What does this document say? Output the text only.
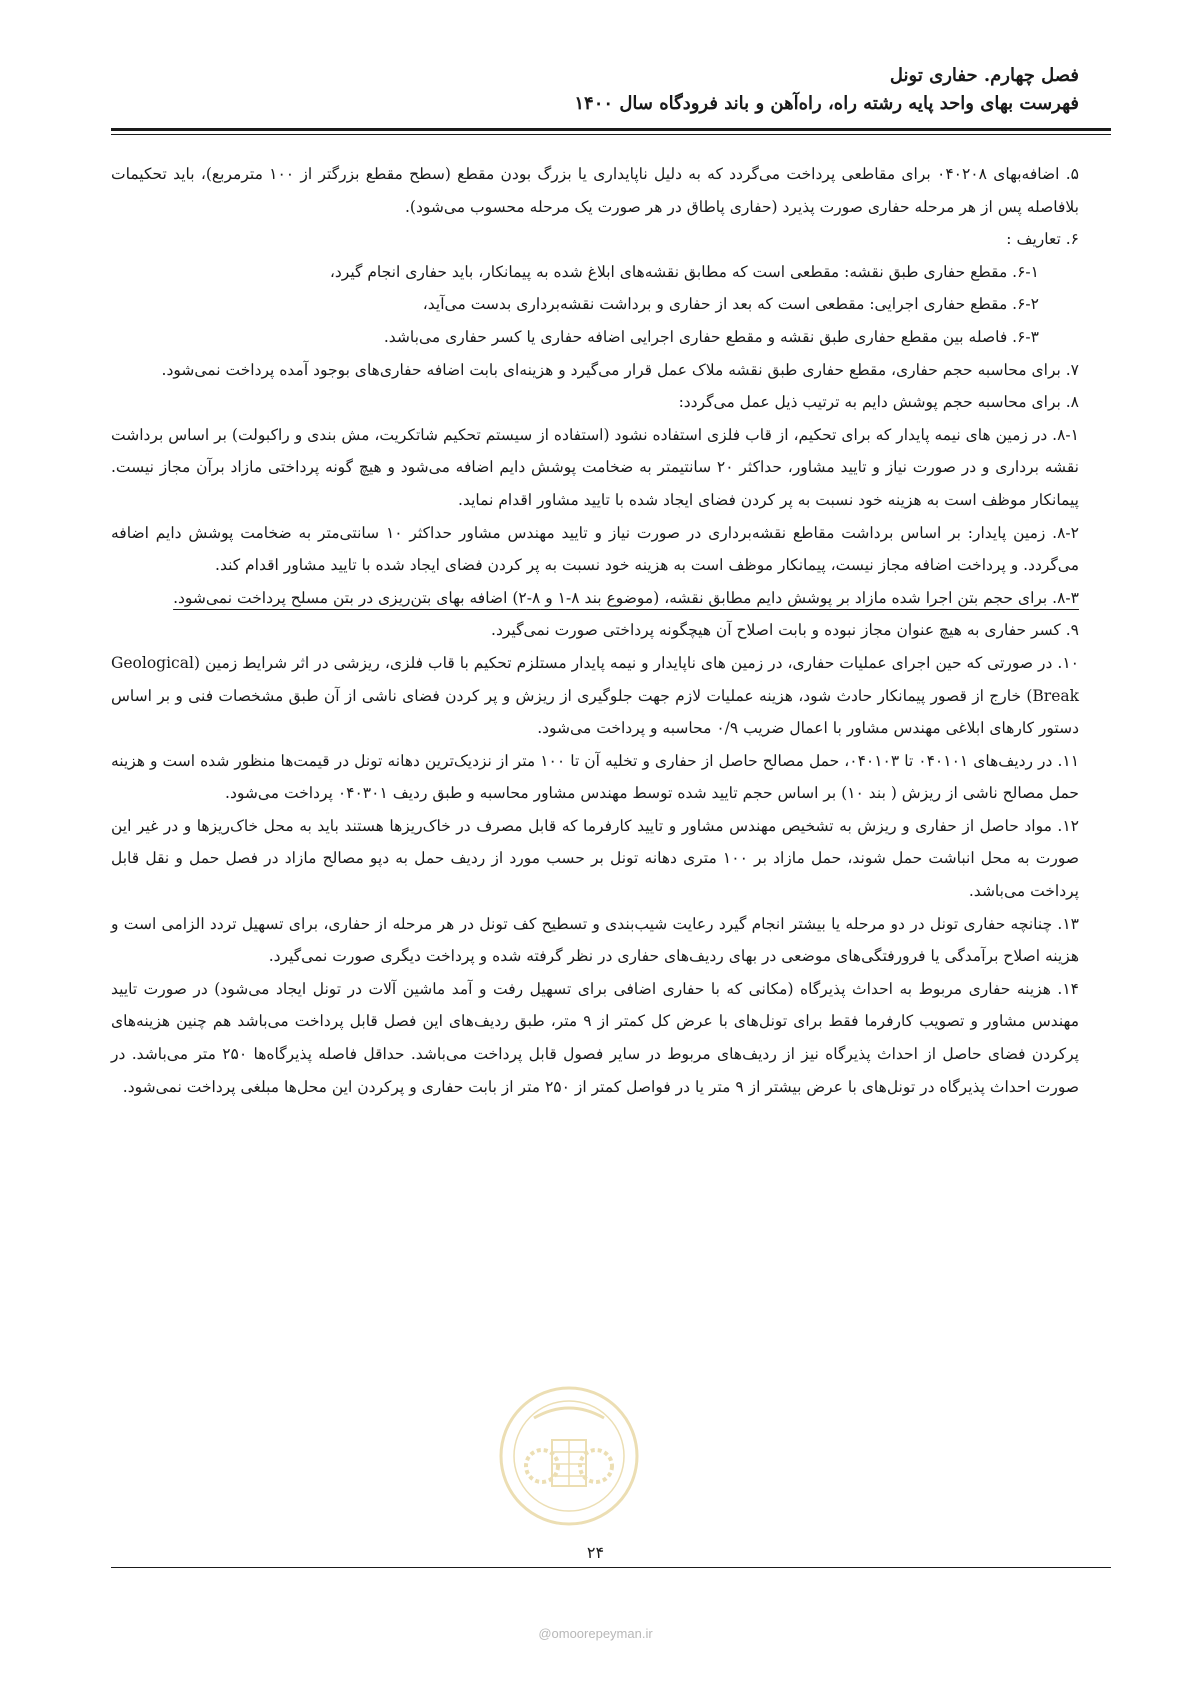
فصل چهارم. حفاری تونل
فهرست بهای واحد پایه رشته راه، راه‌آهن و باند فرودگاه سال ۱۴۰۰

۵. اضافه‌بهای ۰۴۰۲۰۸ برای مقاطعی پرداخت می‌گردد که به دلیل ناپایداری یا بزرگ بودن مقطع (سطح مقطع بزرگتر از ۱۰۰ مترمربع)، باید تحکیمات بلافاصله پس از هر مرحله حفاری صورت پذیرد (حفاری پاطاق در هر صورت یک مرحله محسوب می‌شود).

۶. تعاریف :

۶-۱. مقطع حفاری طبق نقشه: مقطعی است که مطابق نقشه‌های ابلاغ شده به پیمانکار، باید حفاری انجام گیرد،

۶-۲. مقطع حفاری اجرایی: مقطعی است که بعد از حفاری و برداشت نقشه‌برداری بدست می‌آید،

۶-۳. فاصله بین مقطع حفاری طبق نقشه و مقطع حفاری اجرایی اضافه حفاری یا کسر حفاری می‌باشد.

۷. برای محاسبه حجم حفاری، مقطع حفاری طبق نقشه ملاک عمل قرار می‌گیرد و هزینه‌ای بابت اضافه حفاری‌های بوجود آمده پرداخت نمی‌شود.

۸. برای محاسبه حجم پوشش دایم به ترتیب ذیل عمل می‌گردد:

۸-۱. در زمین های نیمه پایدار که برای تحکیم، از قاب فلزی استفاده نشود (استفاده از سیستم تحکیم شاتکریت، مش بندی و راکبولت) بر اساس برداشت نقشه برداری و در صورت نیاز و تایید مشاور، حداکثر ۲۰ سانتیمتر به ضخامت پوشش دایم اضافه می‌شود و هیچ گونه پرداختی مازاد برآن مجاز نیست. پیمانکار موظف است به هزینه خود نسبت به پر کردن فضای ایجاد شده با تایید مشاور اقدام نماید.

۸-۲. زمین پایدار: بر اساس برداشت مقاطع نقشه‌برداری در صورت نیاز و تایید مهندس مشاور حداکثر ۱۰ سانتی‌متر به ضخامت پوشش دایم اضافه می‌گردد. و پرداخت اضافه مجاز نیست، پیمانکار موظف است به هزینه خود نسبت به پر کردن فضای ایجاد شده با تایید مشاور اقدام کند.

۸-۳. برای حجم بتن اجرا شده مازاد بر پوشش دایم مطابق نقشه، (موضوع بند ۸-۱ و ۸-۲) اضافه بهای بتن‌ریزی در بتن مسلح پرداخت نمی‌شود.

۹. کسر حفاری به هیچ عنوان مجاز نبوده و بابت اصلاح آن هیچگونه پرداختی صورت نمی‌گیرد.

۱۰. در صورتی که حین اجرای عملیات حفاری، در زمین های ناپایدار و نیمه پایدار مستلزم تحکیم با قاب فلزی، ریزشی در اثر شرایط زمین (Geological Break) خارج از قصور پیمانکار حادث شود، هزینه عملیات لازم جهت جلوگیری از ریزش و پر کردن فضای ناشی از آن طبق مشخصات فنی و بر اساس دستور کارهای ابلاغی مهندس مشاور با اعمال ضریب ۰/۹ محاسبه و پرداخت می‌شود.

۱۱. در ردیف‌های ۰۴۰۱۰۱ تا ۰۴۰۱۰۳، حمل مصالح حاصل از حفاری و تخلیه آن تا ۱۰۰ متر از نزدیک‌ترین دهانه تونل در قیمت‌ها منظور شده است و هزینه حمل مصالح ناشی از ریزش ( بند ۱۰) بر اساس حجم تایید شده توسط مهندس مشاور محاسبه و طبق ردیف ۰۴۰۳۰۱ پرداخت می‌شود.

۱۲. مواد حاصل از حفاری و ریزش به تشخیص مهندس مشاور و تایید کارفرما که قابل مصرف در خاک‌ریزها هستند باید به محل خاک‌ریزها و در غیر این صورت به محل انباشت حمل شوند، حمل مازاد بر ۱۰۰ متری دهانه تونل بر حسب مورد از ردیف حمل به دپو مصالح مازاد در فصل حمل و نقل قابل پرداخت می‌باشد.

۱۳. چنانچه حفاری تونل در دو مرحله یا بیشتر انجام گیرد رعایت شیب‌بندی و تسطیح کف تونل در هر مرحله از حفاری، برای تسهیل تردد الزامی است و هزینه اصلاح برآمدگی یا فرورفتگی‌های موضعی در بهای ردیف‌های حفاری در نظر گرفته شده و پرداخت دیگری صورت نمی‌گیرد.

۱۴. هزینه حفاری مربوط به احداث پذیرگاه (مکانی که با حفاری اضافی برای تسهیل رفت و آمد ماشین آلات در تونل ایجاد می‌شود) در صورت تایید مهندس مشاور و تصویب کارفرما فقط برای تونل‌های با عرض کل کمتر از ۹ متر، طبق ردیف‌های این فصل قابل پرداخت می‌باشد هم چنین هزینه‌های پرکردن فضای حاصل از احداث پذیرگاه نیز از ردیف‌های مربوط در سایر فصول قابل پرداخت می‌باشد. حداقل فاصله پذیرگاه‌ها ۲۵۰ متر می‌باشد. در صورت احداث پذیرگاه در تونل‌های با عرض بیشتر از ۹ متر یا در فواصل کمتر از ۲۵۰ متر از بابت حفاری و پرکردن این محل‌ها مبلغی پرداخت نمی‌شود.

۲۴
@omoorepeyman.ir
